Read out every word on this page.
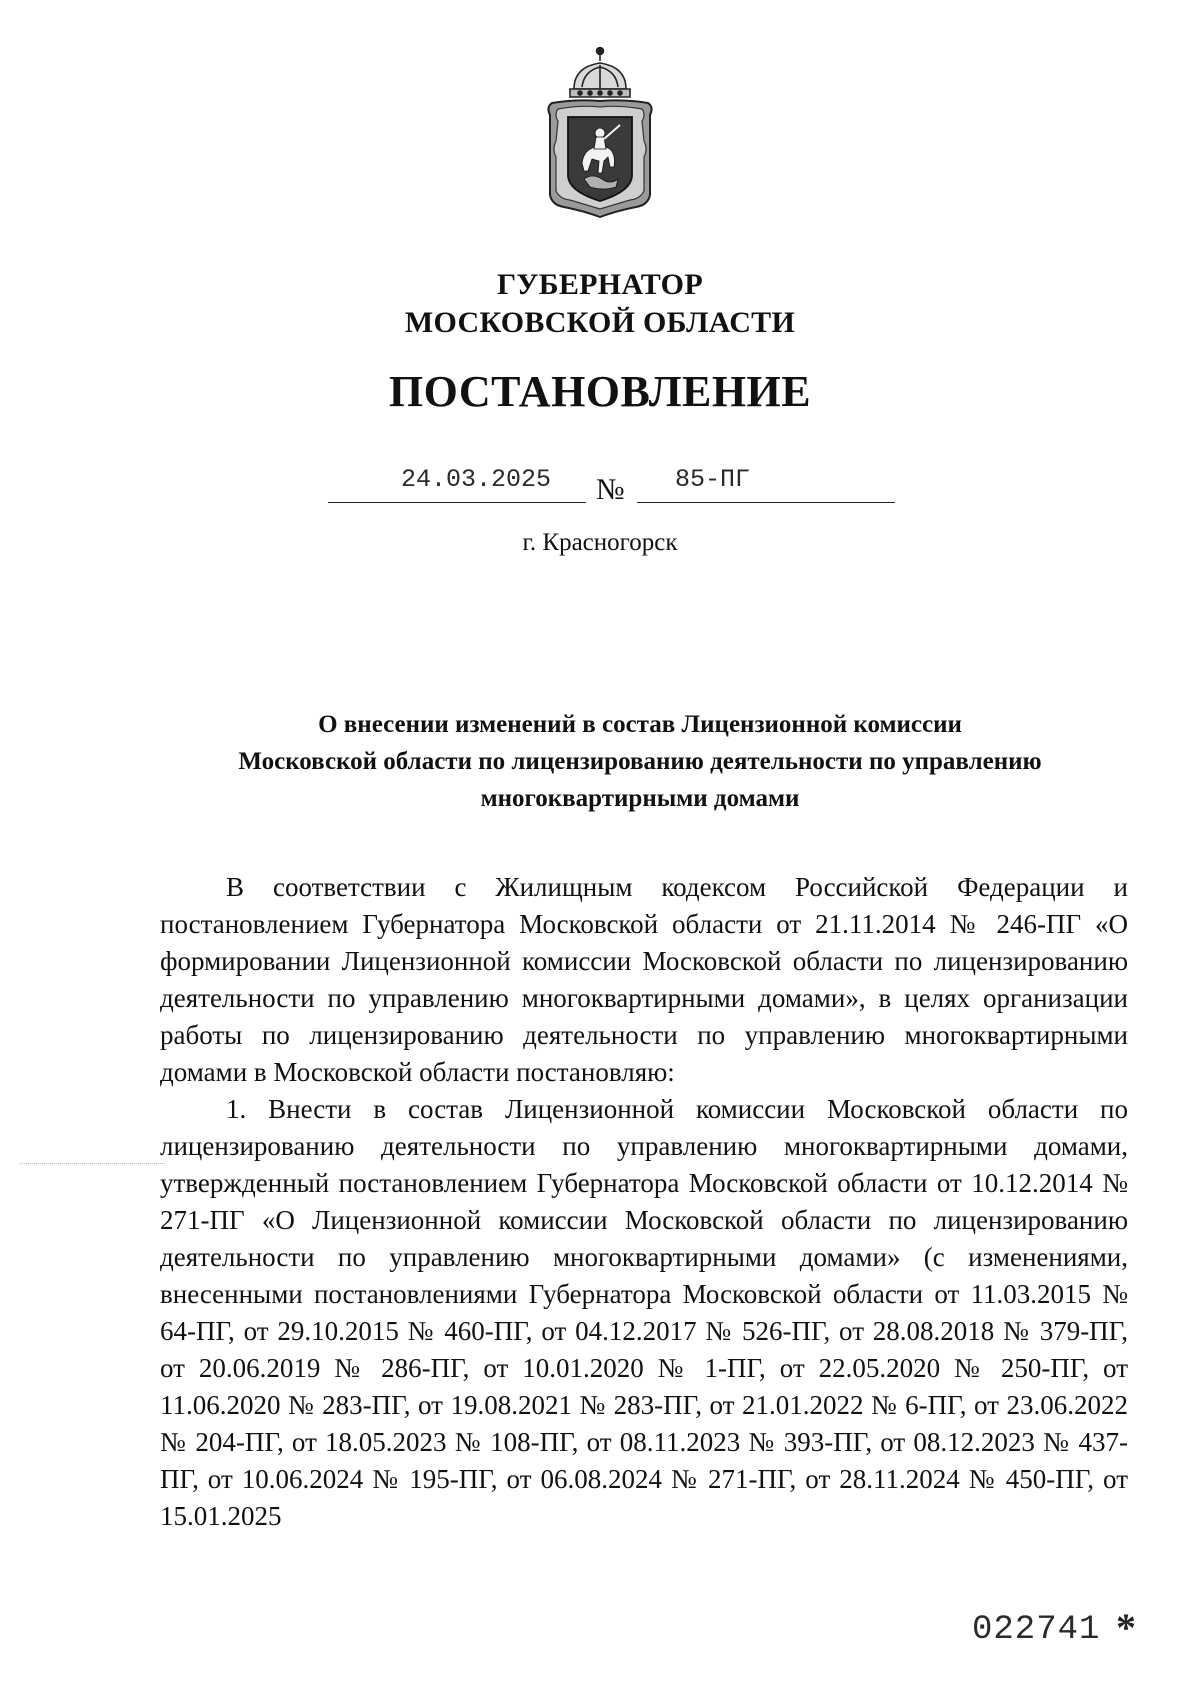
ГУБЕРНАТОР
МОСКОВСКОЙ ОБЛАСТИ
ПОСТАНОВЛЕНИЕ
24.03.2025	№	85-ПГ
г. Красногорск
О внесении изменений в состав Лицензионной комиссии
Московской области по лицензированию деятельности по управлению
многоквартирными домами

В соответствии с Жилищным кодексом Российской Федерации и постановлением Губернатора Московской области от 21.11.2014 № 246-ПГ «О формировании Лицензионной комиссии Московской области по лицензированию деятельности по управлению многоквартирными домами», в целях организации работы по лицензированию деятельности по управлению многоквартирными домами в Московской области постановляю:

1. Внести в состав Лицензионной комиссии Московской области по лицензированию деятельности по управлению многоквартирными домами, утвержденный постановлением Губернатора Московской области от 10.12.2014 № 271-ПГ «О Лицензионной комиссии Московской области по лицензированию деятельности по управлению многоквартирными домами» (с изменениями, внесенными постановлениями Губернатора Московской области от 11.03.2015 № 64-ПГ, от 29.10.2015 № 460-ПГ, от 04.12.2017 № 526-ПГ, от 28.08.2018 № 379-ПГ, от 20.06.2019 № 286-ПГ, от 10.01.2020 № 1-ПГ, от 22.05.2020 № 250-ПГ, от 11.06.2020 № 283-ПГ, от 19.08.2021 № 283-ПГ, от 21.01.2022 № 6-ПГ, от 23.06.2022 № 204-ПГ, от 18.05.2023 № 108-ПГ, от 08.11.2023 № 393-ПГ, от 08.12.2023 № 437-ПГ, от 10.06.2024 № 195-ПГ, от 06.08.2024 № 271-ПГ, от 28.11.2024 № 450-ПГ, от 15.01.2025

022741 *
